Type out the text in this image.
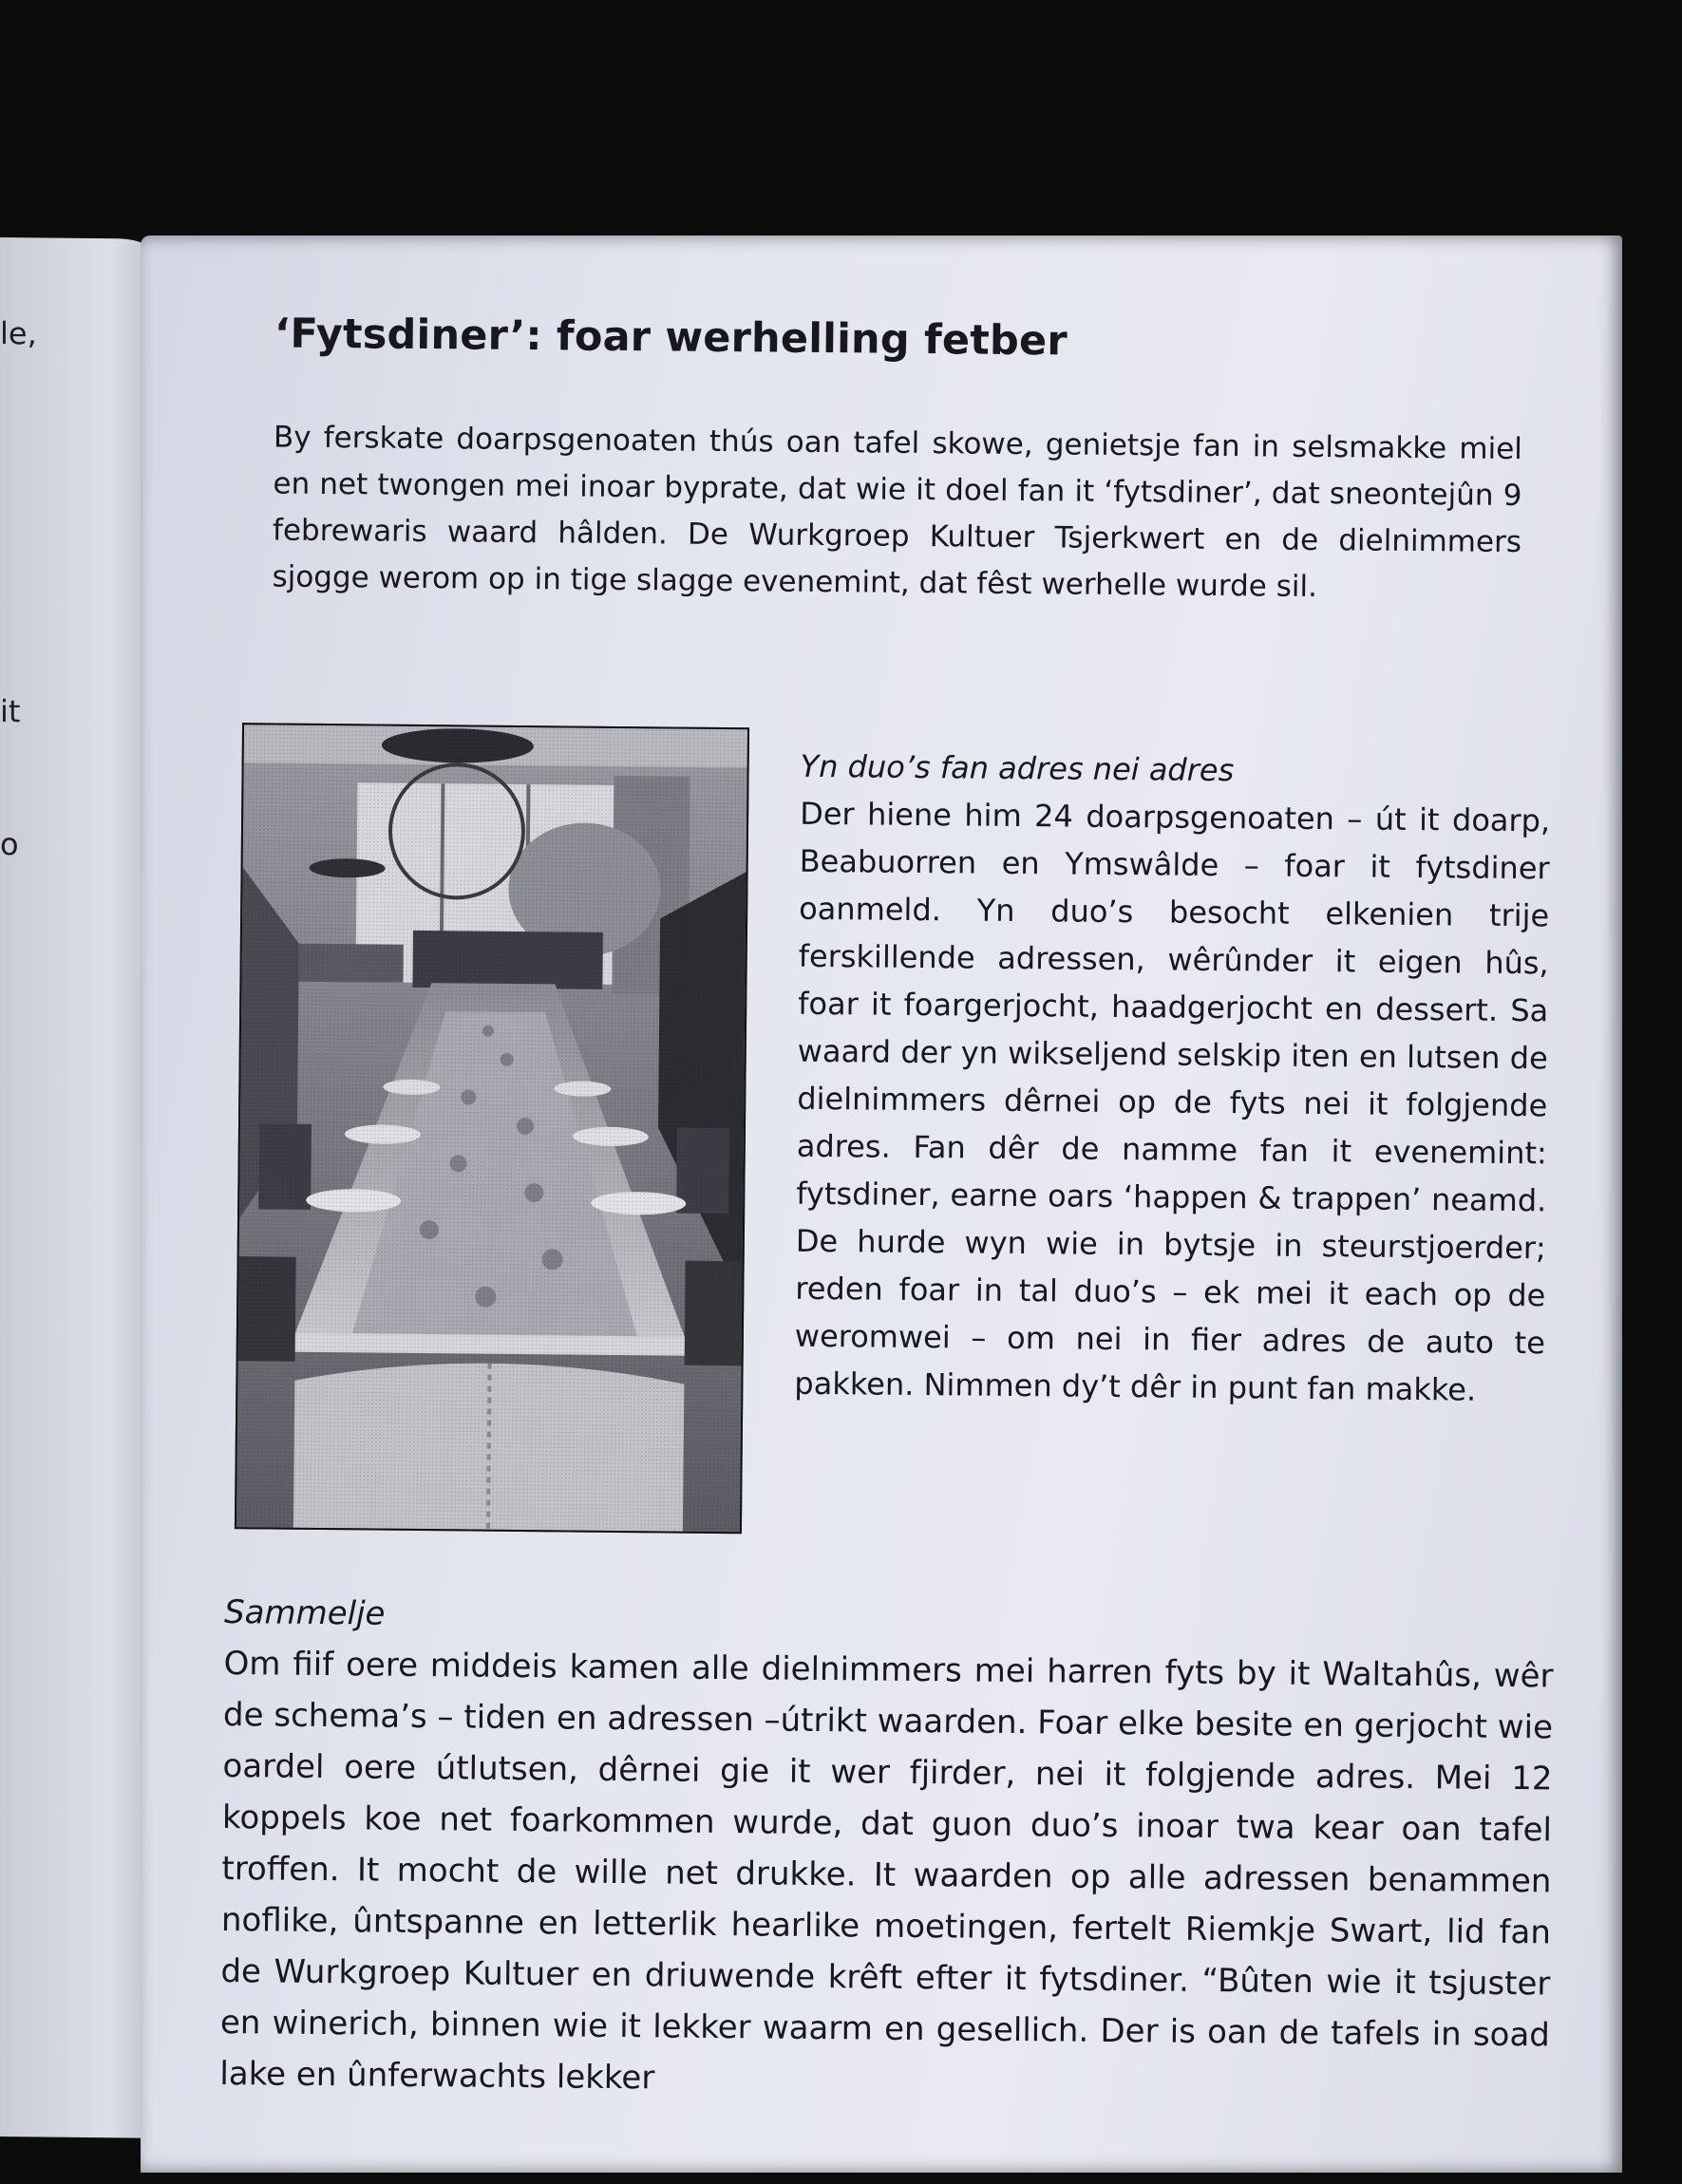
le,
it
o
‘Fytsdiner’: foar werhelling fetber

By ferskate doarpsgenoaten thús oan tafel skowe, genietsje fan in selsmakke miel en net twongen mei inoar byprate, dat wie it doel fan it ‘fytsdiner’, dat sneontejûn 9 febrewaris waard hâlden. De Wurkgroep Kultuer Tsjerkwert en de dielnimmers sjogge werom op in tige slagge evenemint, dat fêst werhelle wurde sil.

Yn duo’s fan adres nei adres

Der hiene him 24 doarpsgenoaten – út it doarp, Beabuorren en Ymswâlde – foar it fytsdiner oanmeld. Yn duo’s besocht elkenien trije ferskillende adressen, wêrûnder it eigen hûs, foar it foargerjocht, haadgerjocht en dessert. Sa waard der yn wikseljend selskip iten en lutsen de dielnimmers dêrnei op de fyts nei it folgjende adres. Fan dêr de namme fan it evenemint: fytsdiner, earne oars ‘happen & trappen’ neamd. De hurde wyn wie in bytsje in steurstjoerder; reden foar in tal duo’s – ek mei it each op de weromwei – om nei in fier adres de auto te pakken. Nimmen dy’t dêr in punt fan makke.

Sammelje

Om fiif oere middeis kamen alle dielnimmers mei harren fyts by it Waltahûs, wêr de schema’s – tiden en adressen –útrikt waarden. Foar elke besite en gerjocht wie oardel oere útlutsen, dêrnei gie it wer fjirder, nei it folgjende adres. Mei 12 koppels koe net foarkommen wurde, dat guon duo’s inoar twa kear oan tafel troffen. It mocht de wille net drukke. It waarden op alle adressen benammen noflike, ûntspanne en letterlik hearlike moetingen, fertelt Riemkje Swart, lid fan de Wurkgroep Kultuer en driuwende krêft efter it fytsdiner. “Bûten wie it tsjuster en winerich, binnen wie it lekker waarm en gesellich. Der is oan de tafels in soad lake en ûnferwachts lekker
